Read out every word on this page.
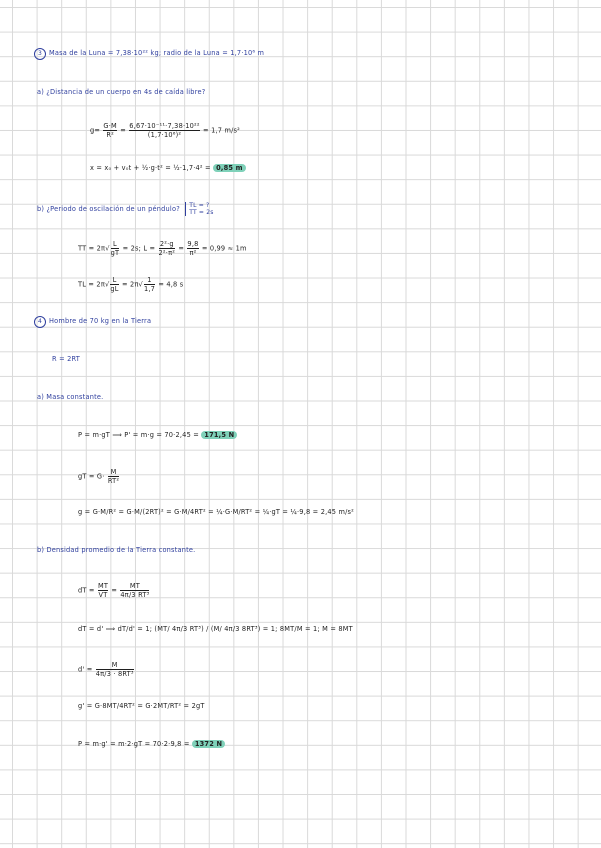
3 Masa de la Luna = 7,38·10²² kg; radio de la Luna = 1,7·10⁶ m
a) ¿Distancia de un cuerpo en 4s de caída libre?
$g= \frac{G\cdot M}{\text{R²}} = \frac{\text{6,67·10⁻¹¹·7,38·10²²}}{\text{(1,7·10⁶)²}} = 1,7$ m/s²
x = x₀ + v₀t + ½·g·t² = ½·1,7·4² = 0,85 m
b) ¿Periodo de oscilación de un péndulo? TL = ?
TT = 2s
TT = $2\pi√ \frac{L}{gT} = 2s$; $L = \frac{\text{2²·g}}{\text{2²·π²}} = \frac{9,8}{\text{π²}} = 0,99 \approx 1m$
TL = $2\pi√ \frac{L}{gL} = 2\pi√ \frac{1}{1,7} = 4,8$ s
4 Hombre de 70 kg en la Tierra
R = 2RT
a) Masa constante.
P = m·gT ⟹ P' = m·g = 70·2,45 = 171,5 N
gT = $G\cdot \frac{M}{\text{RT²}}$
g = G·M/R² = G·M/(2RT)² = G·M/4RT² = ¼·G·M/RT² = ¼·gT = ¼·9,8 = 2,45 m/s²
b) Densidad promedio de la Tierra constante.
dT = $\frac{MT}{VT} = \frac{MT}{\text{4π/3 RT³}}$
dT = d' ⟹ dT/d' = 1; (MT/ 4π/3 RT³) / (M/ 4π/3 8RT³) = 1; 8MT/M = 1; M = 8MT
$d' = \frac{M}{\text{4π/3 · 8RT³}}$
g' = G·8MT/4RT² = G·2MT/RT² = 2gT
P = m·g' = m·2·gT = 70·2·9,8 = 1372 N
